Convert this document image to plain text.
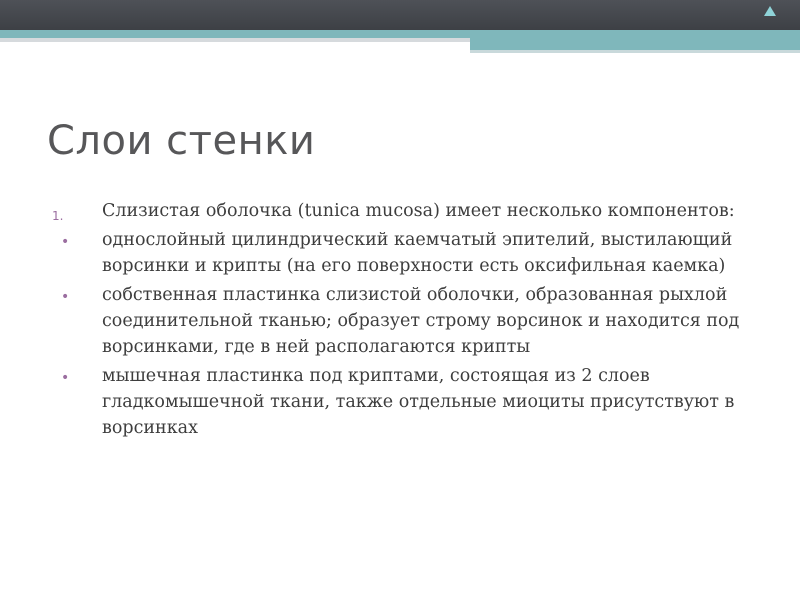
Слои стенки
1. Слизистая оболочка (tunica mucosa) имеет несколько компонентов:
• однослойный цилиндрический каемчатый эпителий, выстилающий ворсинки и крипты (на его поверхности есть оксифильная каемка)
• собственная пластинка слизистой оболочки, образованная рыхлой соединительной тканью; образует строму ворсинок и находится под ворсинками, где в ней располагаются крипты
• мышечная пластинка под криптами, состоящая из 2 слоев гладкомышечной ткани, также отдельные миоциты присутствуют в ворсинках
